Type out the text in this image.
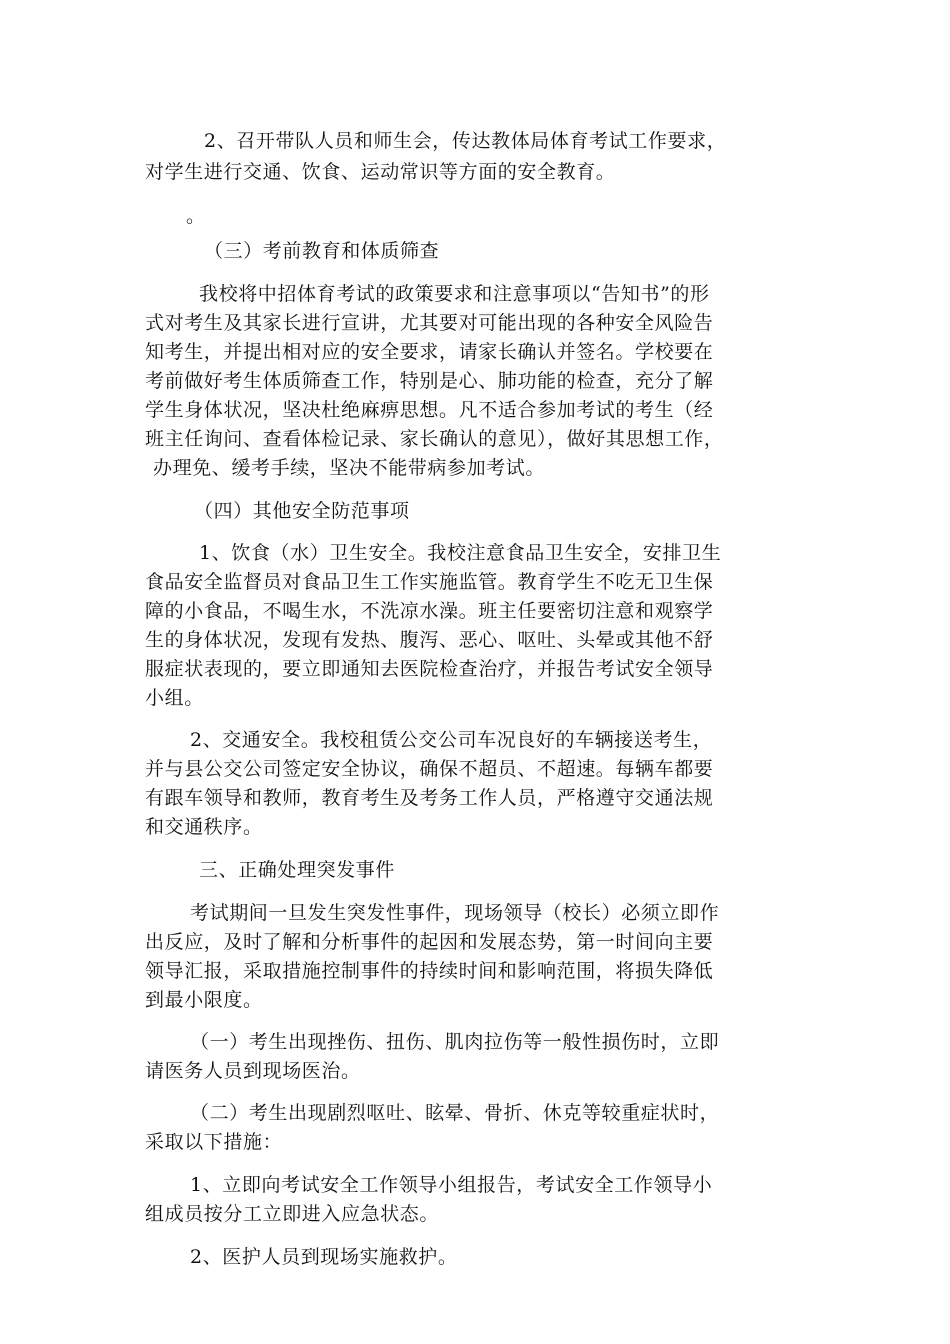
2、召开带队人员和师生会，传达教体局体育考试工作要求，
对学生进行交通、饮食、运动常识等方面的安全教育。
。
（三）考前教育和体质筛查
我校将中招体育考试的政策要求和注意事项以“告知书”的形
式对考生及其家长进行宣讲，尤其要对可能出现的各种安全风险告
知考生，并提出相对应的安全要求，请家长确认并签名。学校要在
考前做好考生体质筛查工作，特别是心、肺功能的检查，充分了解
学生身体状况，坚决杜绝麻痹思想。凡不适合参加考试的考生（经
班主任询问、查看体检记录、家长确认的意见），做好其思想工作，
办理免、缓考手续，坚决不能带病参加考试。
（四）其他安全防范事项
1、饮食（水）卫生安全。我校注意食品卫生安全，安排卫生
食品安全监督员对食品卫生工作实施监管。教育学生不吃无卫生保
障的小食品，不喝生水，不洗凉水澡。班主任要密切注意和观察学
生的身体状况，发现有发热、腹泻、恶心、呕吐、头晕或其他不舒
服症状表现的，要立即通知去医院检查治疗，并报告考试安全领导
小组。
2、交通安全。我校租赁公交公司车况良好的车辆接送考生，
并与县公交公司签定安全协议，确保不超员、不超速。每辆车都要
有跟车领导和教师，教育考生及考务工作人员，严格遵守交通法规
和交通秩序。
三、正确处理突发事件
考试期间一旦发生突发性事件，现场领导（校长）必须立即作
出反应，及时了解和分析事件的起因和发展态势，第一时间向主要
领导汇报，采取措施控制事件的持续时间和影响范围，将损失降低
到最小限度。
（一）考生出现挫伤、扭伤、肌肉拉伤等一般性损伤时，立即
请医务人员到现场医治。
（二）考生出现剧烈呕吐、眩晕、骨折、休克等较重症状时，
采取以下措施：
1、立即向考试安全工作领导小组报告，考试安全工作领导小
组成员按分工立即进入应急状态。
2、医护人员到现场实施救护。
